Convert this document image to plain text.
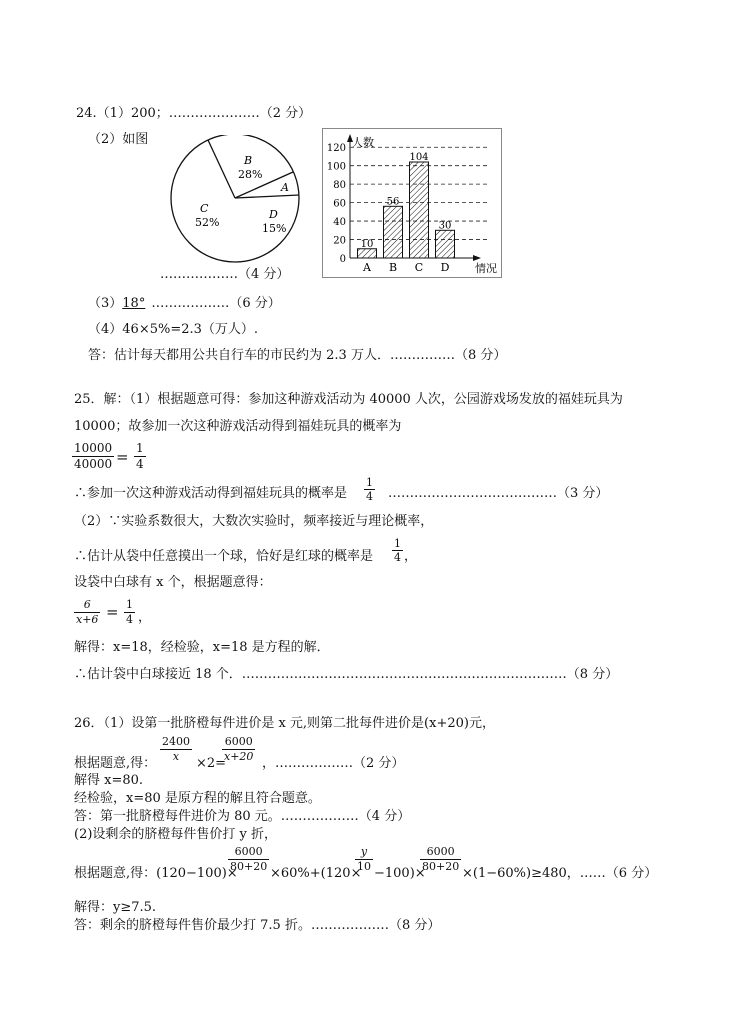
24.（1）200；…………………（2 分）
（2）如图
B
28%
A
C
52%
D
15%
………………（4 分）
0
20
40
60
80
100
120
10
A
56
B
104
C
30
D
人数
情况
（3）18° ………………（6 分）
（4）46×5%=2.3（万人）.
答：估计每天都用公共自行车的市民约为 2.3 万人．……………（8 分）
25．解：（1）根据题意可得：参加这种游戏活动为 40000 人次，公园游戏场发放的福娃玩具为
10000；故参加一次这种游戏活动得到福娃玩具的概率为
$\frac{10000}{40000} = \frac{1}{4}$
∴参加一次这种游戏活动得到福娃玩具的概率是 $\frac{1}{4}$ …………………………………（3 分）
（2）∵实验系数很大，大数次实验时，频率接近与理论概率，
∴估计从袋中任意摸出一个球，恰好是红球的概率是 $\frac{1}{4}$ ，
设袋中白球有 x 个，根据题意得：
$\frac{6}{x+6} = \frac{1}{4}$ ，
解得：x=18，经检验，x=18 是方程的解．
∴估计袋中白球接近 18 个．…………………………………………………………………（8 分）
26．（1）设第一批脐橙每件进价是 x 元,则第二批每件进价是(x+20)元，
根据题意,得： $\frac{2400}{x} \times 2=$
$\frac{6000}{x+20}$ ，………………（2 分）
解得 x=80.
经检验，x=80 是原方程的解且符合题意。
答：第一批脐橙每件进价为 80 元。………………（4 分）
(2)设剩余的脐橙每件售价打 y 折，
根据题意,得：(120−100)×
$\frac{6000}{80+20} \times 60\%+(120\times$
$\frac{y}{10} -100)\times$
$\frac{6000}{80+20} \times(1-60\%)\ge 480$，……（6 分）
解得：y≥7.5.
答：剩余的脐橙每件售价最少打 7.5 折。………………（8 分）
